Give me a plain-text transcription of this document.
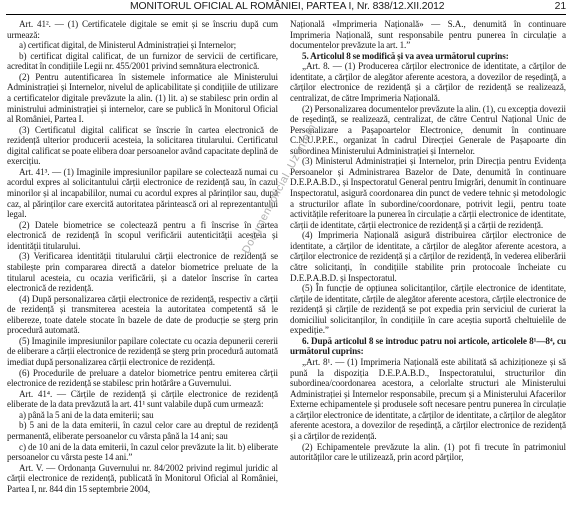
MONITORUL OFICIAL AL ROMÂNIEI, PARTEA I, Nr. 838/12.XII.2012	21

Art. 41². — (1) Certificatele digitale se emit și se înscriu după cum urmează:

a) certificat digital, de Ministerul Administrației și Internelor;

b) certificat digital calificat, de un furnizor de servicii de certificare, acreditat în condițiile Legii nr. 455/2001 privind semnătura electronică.

(2) Pentru autentificarea în sistemele informatice ale Ministerului Administrației și Internelor, nivelul de aplicabilitate și condițiile de utilizare a certificatelor digitale prevăzute la alin. (1) lit. a) se stabilesc prin ordin al ministrului administrației și internelor, care se publică în Monitorul Oficial al României, Partea I.

(3) Certificatul digital calificat se înscrie în cartea electronică de rezidență ulterior producerii acesteia, la solicitarea titularului. Certificatul digital calificat se poate elibera doar persoanelor având capacitate deplină de exercițiu.

Art. 41³. — (1) Imaginile impresiunilor papilare se colectează numai cu acordul expres al solicitantului cărții electronice de rezidență sau, în cazul minorilor și al incapabililor, numai cu acordul expres al părinților sau, după caz, al părinților care exercită autoritatea părintească ori al reprezentantului legal.

(2) Datele biometrice se colectează pentru a fi înscrise în cartea electronică de rezidență în scopul verificării autenticității acesteia și identității titularului.

(3) Verificarea identității titularului cărții electronice de rezidență se stabilește prin compararea directă a datelor biometrice preluate de la titularul acesteia, cu ocazia verificării, și a datelor înscrise în cartea electronică de rezidență.

(4) După personalizarea cărții electronice de rezidență, respectiv a cărții de rezidență și transmiterea acesteia la autoritatea competentă să le elibereze, toate datele stocate în bazele de date de producție se șterg prin procedură automată.

(5) Imaginile impresiunilor papilare colectate cu ocazia depunerii cererii de eliberare a cărții electronice de rezidență se șterg prin procedură automată imediat după personalizarea cărții electronice de rezidență.

(6) Procedurile de preluare a datelor biometrice pentru emiterea cărții electronice de rezidență se stabilesc prin hotărâre a Guvernului.

Art. 41⁴. — Cărțile de rezidență și cărțile electronice de rezidență eliberate de la data prevăzută la art. 41¹ sunt valabile după cum urmează:

a) până la 5 ani de la data emiterii; sau

b) 5 ani de la data emiterii, în cazul celor care au dreptul de rezidență permanentă, eliberate persoanelor cu vârsta până la 14 ani; sau

c) de 10 ani de la data emiterii, în cazul celor prevăzute la lit. b) eliberate persoanelor cu vârsta peste 14 ani.”

Art. V. — Ordonanța Guvernului nr. 84/2002 privind regimul juridic al cărții electronice de rezidență, publicată în Monitorul Oficial al României, Partea I, nr. 844 din 15 septembrie 2004,

Națională «Imprimeria Națională» — S.A., denumită în continuare Imprimeria Națională, sunt responsabile pentru punerea în circulație a documentelor prevăzute la art. 1.”

5. Articolul 8 se modifică și va avea următorul cuprins:

„Art. 8. — (1) Producerea cărților electronice de identitate, a cărților de identitate, a cărților de alegător aferente acestora, a dovezilor de reședință, a cărților electronice de rezidență și a cărților de rezidență se realizează, centralizat, de către Imprimeria Națională.

(2) Personalizarea documentelor prevăzute la alin. (1), cu excepția dovezii de reședință, se realizează, centralizat, de către Centrul Național Unic de Personalizare a Pașapoartelor Electronice, denumit în continuare C.N.U.P.P.E., organizat în cadrul Direcției Generale de Pașapoarte din subordinea Ministerului Administrației și Internelor.

(3) Ministerul Administrației și Internelor, prin Direcția pentru Evidența Persoanelor și Administrarea Bazelor de Date, denumită în continuare D.E.P.A.B.D., și Inspectoratul General pentru Imigrări, denumit în continuare Inspectoratul, asigură coordonarea din punct de vedere tehnic și metodologic a structurilor aflate în subordine/coordonare, potrivit legii, pentru toate activitățile referitoare la punerea în circulație a cărții electronice de identitate, cărții de identitate, cărții electronice de rezidență și a cărții de rezidență.

(4) Imprimeria Națională asigură distribuirea cărților electronice de identitate, a cărților de identitate, a cărților de alegător aferente acestora, a cărților electronice de rezidență și a cărților de rezidență, în vederea eliberării către solicitanți, în condițiile stabilite prin protocoale încheiate cu D.E.P.A.B.D. și Inspectoratul.

(5) În funcție de opțiunea solicitanților, cărțile electronice de identitate, cărțile de identitate, cărțile de alegător aferente acestora, cărțile electronice de rezidență și cărțile de rezidență se pot expedia prin serviciul de curierat la domiciliul solicitanților, în condițiile în care aceștia suportă cheltuielile de expediție.”

6. După articolul 8 se introduc patru noi articole, articolele 8¹—8⁴, cu următorul cuprins:

„Art. 8¹. — (1) Imprimeria Națională este abilitată să achiziționeze și să pună la dispoziția D.E.P.A.B.D., Inspectoratului, structurilor din subordinea/coordonarea acestora, a celorlalte structuri ale Ministerului Administrației și Internelor responsabile, precum și a Ministerului Afacerilor Externe echipamentele și produsele soft necesare pentru punerea în circulație a cărților electronice de identitate, a cărților de identitate, a cărților de alegător aferente acestora, a dovezilor de reședință, a cărților electronice de rezidență și a cărților de rezidență.

(2) Echipamentele prevăzute la alin. (1) pot fi trecute în patrimoniul autorităților care le utilizează, prin acord părților,

Document oficial. Uz intern
